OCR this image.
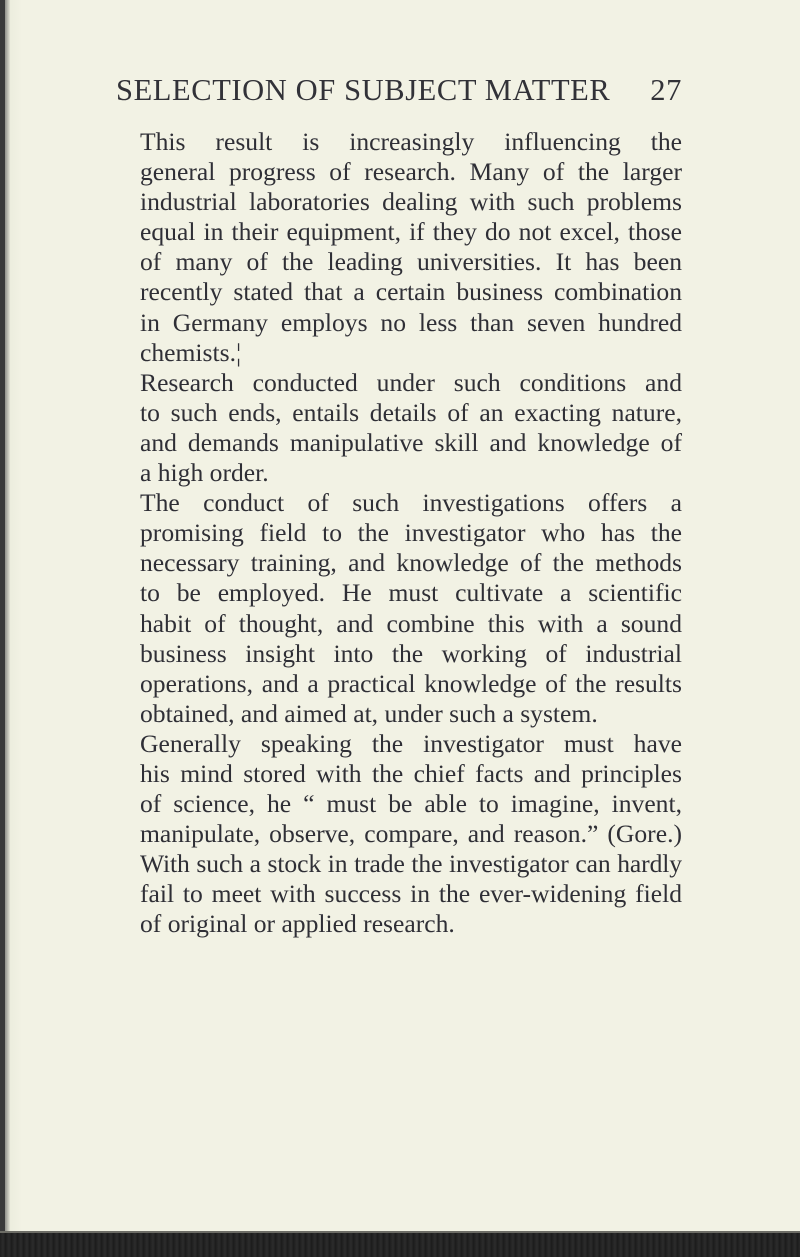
SELECTION OF SUBJECT MATTER 27

This result is increasingly influencing the
general progress of research. Many of the larger
industrial laboratories dealing with such problems
equal in their equipment, if they do not excel, those
of many of the leading universities. It has been
recently stated that a certain business combination
in Germany employs no less than seven hundred
chemists.¦

Research conducted under such conditions and
to such ends, entails details of an exacting nature,
and demands manipulative skill and knowledge of
a high order.

The conduct of such investigations offers a
promising field to the investigator who has the
necessary training, and knowledge of the methods
to be employed. He must cultivate a scientific
habit of thought, and combine this with a sound
business insight into the working of industrial
operations, and a practical knowledge of the results
obtained, and aimed at, under such a system.

Generally speaking the investigator must have
his mind stored with the chief facts and principles
of science, he “ must be able to imagine, invent,
manipulate, observe, compare, and reason.” (Gore.)
With such a stock in trade the investigator can hardly
fail to meet with success in the ever-widening field
of original or applied research.
